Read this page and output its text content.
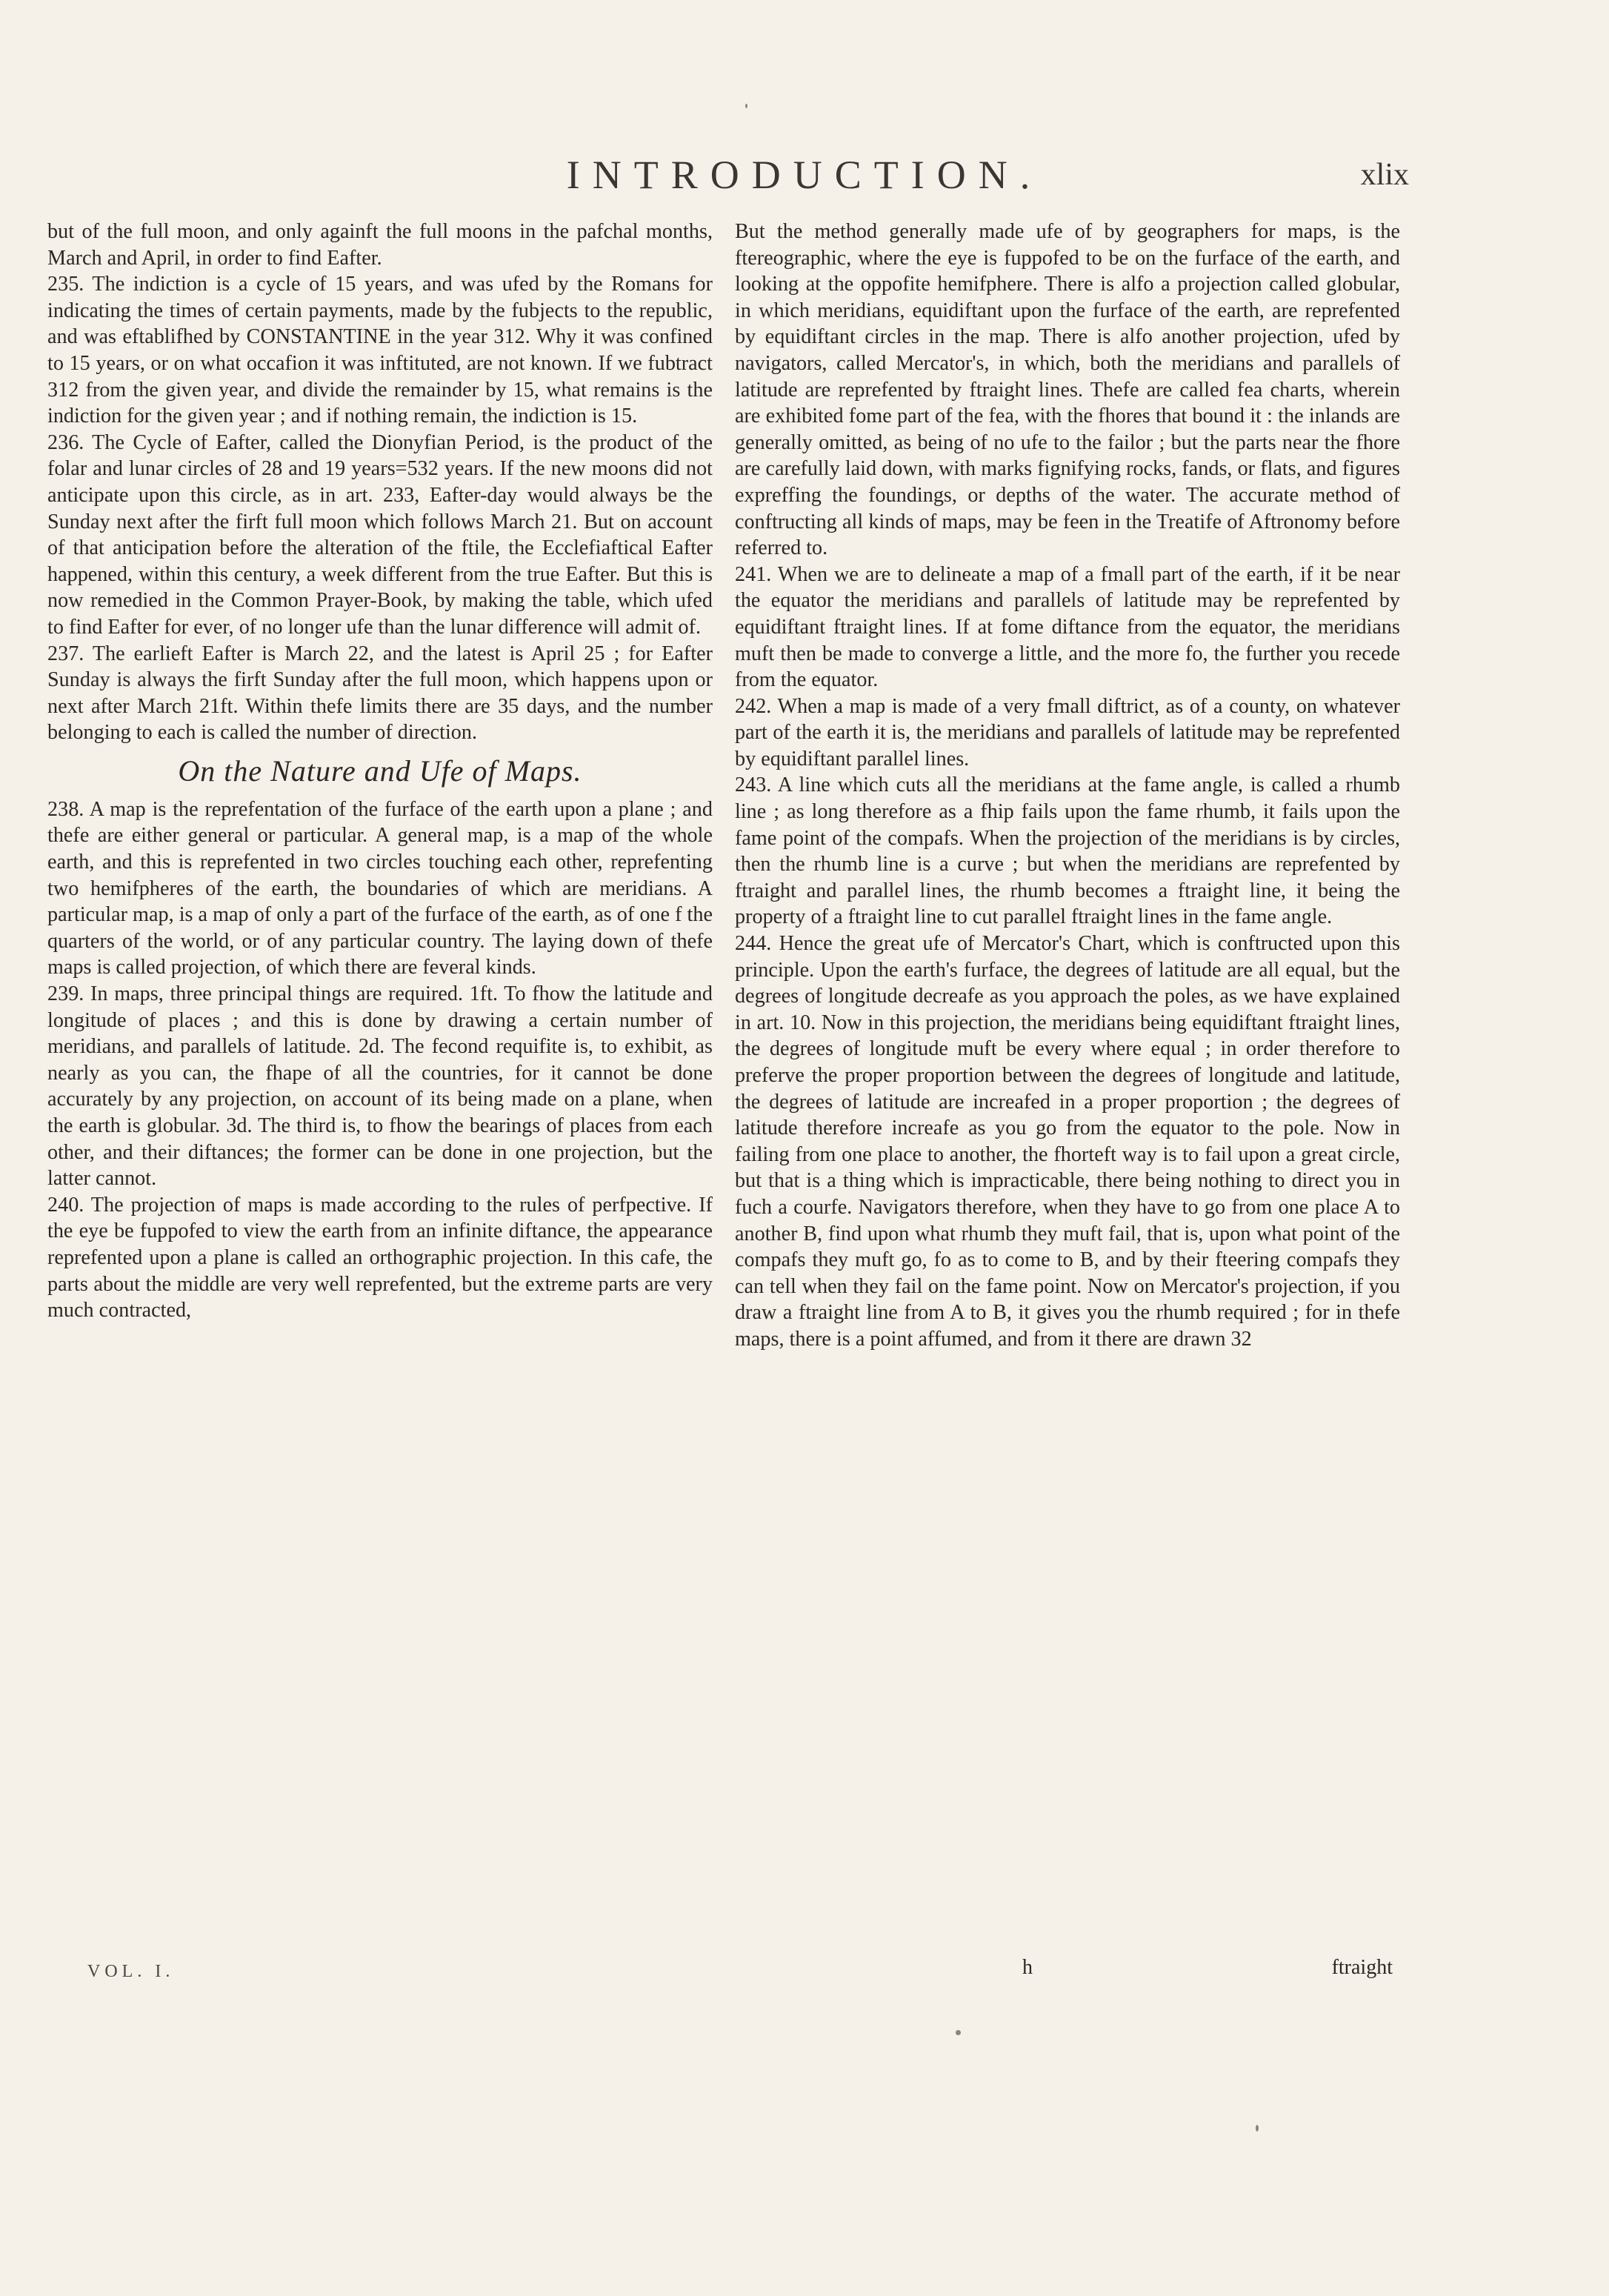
INTRODUCTION.	xlix

but of the full moon, and only againft the full moons in the pafchal months, March and April, in order to find Eafter.

235. The indiction is a cycle of 15 years, and was ufed by the Romans for indicating the times of certain payments, made by the fubjects to the republic, and was eftablifhed by CONSTANTINE in the year 312. Why it was confined to 15 years, or on what occafion it was inftituted, are not known. If we fubtract 312 from the given year, and divide the remainder by 15, what remains is the indiction for the given year ; and if nothing remain, the indiction is 15.

236. The Cycle of Eafter, called the Dionyfian Period, is the product of the folar and lunar circles of 28 and 19 years=532 years. If the new moons did not anticipate upon this circle, as in art. 233, Eafter-day would always be the Sunday next after the firft full moon which follows March 21. But on account of that anticipation before the alteration of the ftile, the Ecclefiaftical Eafter happened, within this century, a week different from the true Eafter. But this is now remedied in the Common Prayer-Book, by making the table, which ufed to find Eafter for ever, of no longer ufe than the lunar difference will admit of.

237. The earlieft Eafter is March 22, and the latest is April 25 ; for Eafter Sunday is always the firft Sunday after the full moon, which happens upon or next after March 21ft. Within thefe limits there are 35 days, and the number belonging to each is called the number of direction.

On the Nature and Ufe of Maps.

238. A map is the reprefentation of the furface of the earth upon a plane ; and thefe are either general or particular. A general map, is a map of the whole earth, and this is reprefented in two circles touching each other, reprefenting two hemifpheres of the earth, the boundaries of which are meridians. A particular map, is a map of only a part of the furface of the earth, as of one f the quarters of the world, or of any particular country. The laying down of thefe maps is called projection, of which there are feveral kinds.

239. In maps, three principal things are required. 1ft. To fhow the latitude and longitude of places ; and this is done by drawing a certain number of meridians, and parallels of latitude. 2d. The fecond requifite is, to exhibit, as nearly as you can, the fhape of all the countries, for it cannot be done accurately by any projection, on account of its being made on a plane, when the earth is globular. 3d. The third is, to fhow the bearings of places from each other, and their diftances; the former can be done in one projection, but the latter cannot.

240. The projection of maps is made according to the rules of perfpective. If the eye be fuppofed to view the earth from an infinite diftance, the appearance reprefented upon a plane is called an orthographic projection. In this cafe, the parts about the middle are very well reprefented, but the extreme parts are very much contracted,

But the method generally made ufe of by geographers for maps, is the ftereographic, where the eye is fuppofed to be on the furface of the earth, and looking at the oppofite hemifphere. There is alfo a projection called globular, in which meridians, equidiftant upon the furface of the earth, are reprefented by equidiftant circles in the map. There is alfo another projection, ufed by navigators, called Mercator's, in which, both the meridians and parallels of latitude are reprefented by ftraight lines. Thefe are called fea charts, wherein are exhibited fome part of the fea, with the fhores that bound it : the inlands are generally omitted, as being of no ufe to the failor ; but the parts near the fhore are carefully laid down, with marks fignifying rocks, fands, or flats, and figures expreffing the foundings, or depths of the water. The accurate method of conftructing all kinds of maps, may be feen in the Treatife of Aftronomy before referred to.

241. When we are to delineate a map of a fmall part of the earth, if it be near the equator the meridians and parallels of latitude may be reprefented by equidiftant ftraight lines. If at fome diftance from the equator, the meridians muft then be made to converge a little, and the more fo, the further you recede from the equator.

242. When a map is made of a very fmall diftrict, as of a county, on whatever part of the earth it is, the meridians and parallels of latitude may be reprefented by equidiftant parallel lines.

243. A line which cuts all the meridians at the fame angle, is called a rhumb line ; as long therefore as a fhip fails upon the fame rhumb, it fails upon the fame point of the compafs. When the projection of the meridians is by circles, then the rhumb line is a curve ; but when the meridians are reprefented by ftraight and parallel lines, the rhumb becomes a ftraight line, it being the property of a ftraight line to cut parallel ftraight lines in the fame angle.

244. Hence the great ufe of Mercator's Chart, which is conftructed upon this principle. Upon the earth's furface, the degrees of latitude are all equal, but the degrees of longitude decreafe as you approach the poles, as we have explained in art. 10. Now in this projection, the meridians being equidiftant ftraight lines, the degrees of longitude muft be every where equal ; in order therefore to preferve the proper proportion between the degrees of longitude and latitude, the degrees of latitude are increafed in a proper proportion ; the degrees of latitude therefore increafe as you go from the equator to the pole. Now in failing from one place to another, the fhorteft way is to fail upon a great circle, but that is a thing which is impracticable, there being nothing to direct you in fuch a courfe. Navigators therefore, when they have to go from one place A to another B, find upon what rhumb they muft fail, that is, upon what point of the compafs they muft go, fo as to come to B, and by their fteering compafs they can tell when they fail on the fame point. Now on Mercator's projection, if you draw a ftraight line from A to B, it gives you the rhumb required ; for in thefe maps, there is a point affumed, and from it there are drawn 32

VOL. I.	h	ftraight
